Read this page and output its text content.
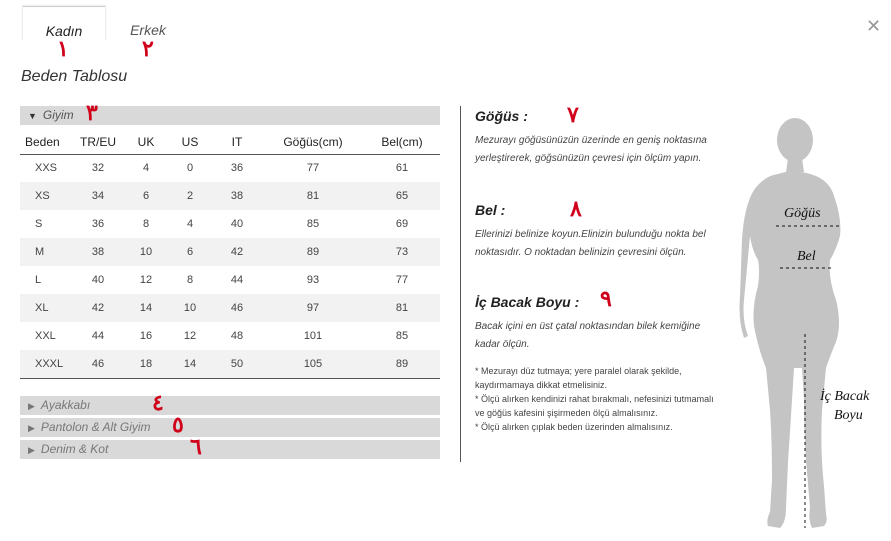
Kadın	Erkek
١	٢
✕
Beden Tablosu
▼ Giyim ٣
Beden	TR/EU	UK	US	IT	Göğüs(cm)	Bel(cm)
XXS	32	4	0	36	77	61
XS	34	6	2	38	81	65
S	36	8	4	40	85	69
M	38	10	6	42	89	73
L	40	12	8	44	93	77
XL	42	14	10	46	97	81
XXL	44	16	12	48	101	85
XXXL	46	18	14	50	105	89
▶ Ayakkabı	٤
▶ Pantolon & Alt Giyim ٥
▶ Denim & Kot	٦
Göğüs : ٧
Mezurayı göğüsünüzün üzerinde en geniş noktasına yerleştirerek, göğsünüzün çevresi için ölçüm yapın.
Bel :	٨
Ellerinizi belinize koyun.Elinizin bulunduğu nokta bel noktasıdır. O noktadan belinizin çevresini ölçün.
İç Bacak Boyu : ٩
Bacak içini en üst çatal noktasından bilek kemiğine kadar ölçün.
* Mezurayı düz tutmaya; yere paralel olarak şekilde, kaydırmamaya dikkat etmelisiniz.
* Ölçü alırken kendinizi rahat bırakmalı, nefesinizi tutmamalı ve göğüs kafesini şişirmeden ölçü almalısınız.
* Ölçü alırken çıplak beden üzerinden almalısınız.
Göğüs
Bel
İç Bacak
Boyu
